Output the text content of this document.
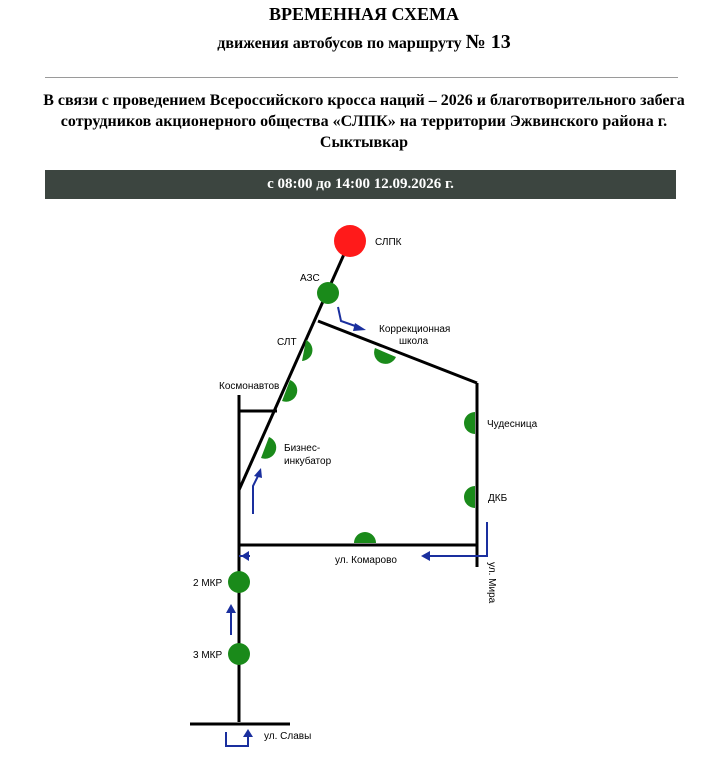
ВРЕМЕННАЯ СХЕМА
движения автобусов по маршруту № 13
В связи с проведением Всероссийского кросса наций – 2026 и благотворительного забега сотрудников акционерного общества «СЛПК» на территории Эжвинского района г. Сыктывкар
с 08:00 до 14:00 12.09.2026 г.
СЛПК
АЗС
СЛТ
Коррекционная
школа
Космонавтов
Бизнес-
инкубатор
Чудесница
ДКБ
2 МКР
3 МКР
ул. Комарово
ул. Мира
ул. Славы
